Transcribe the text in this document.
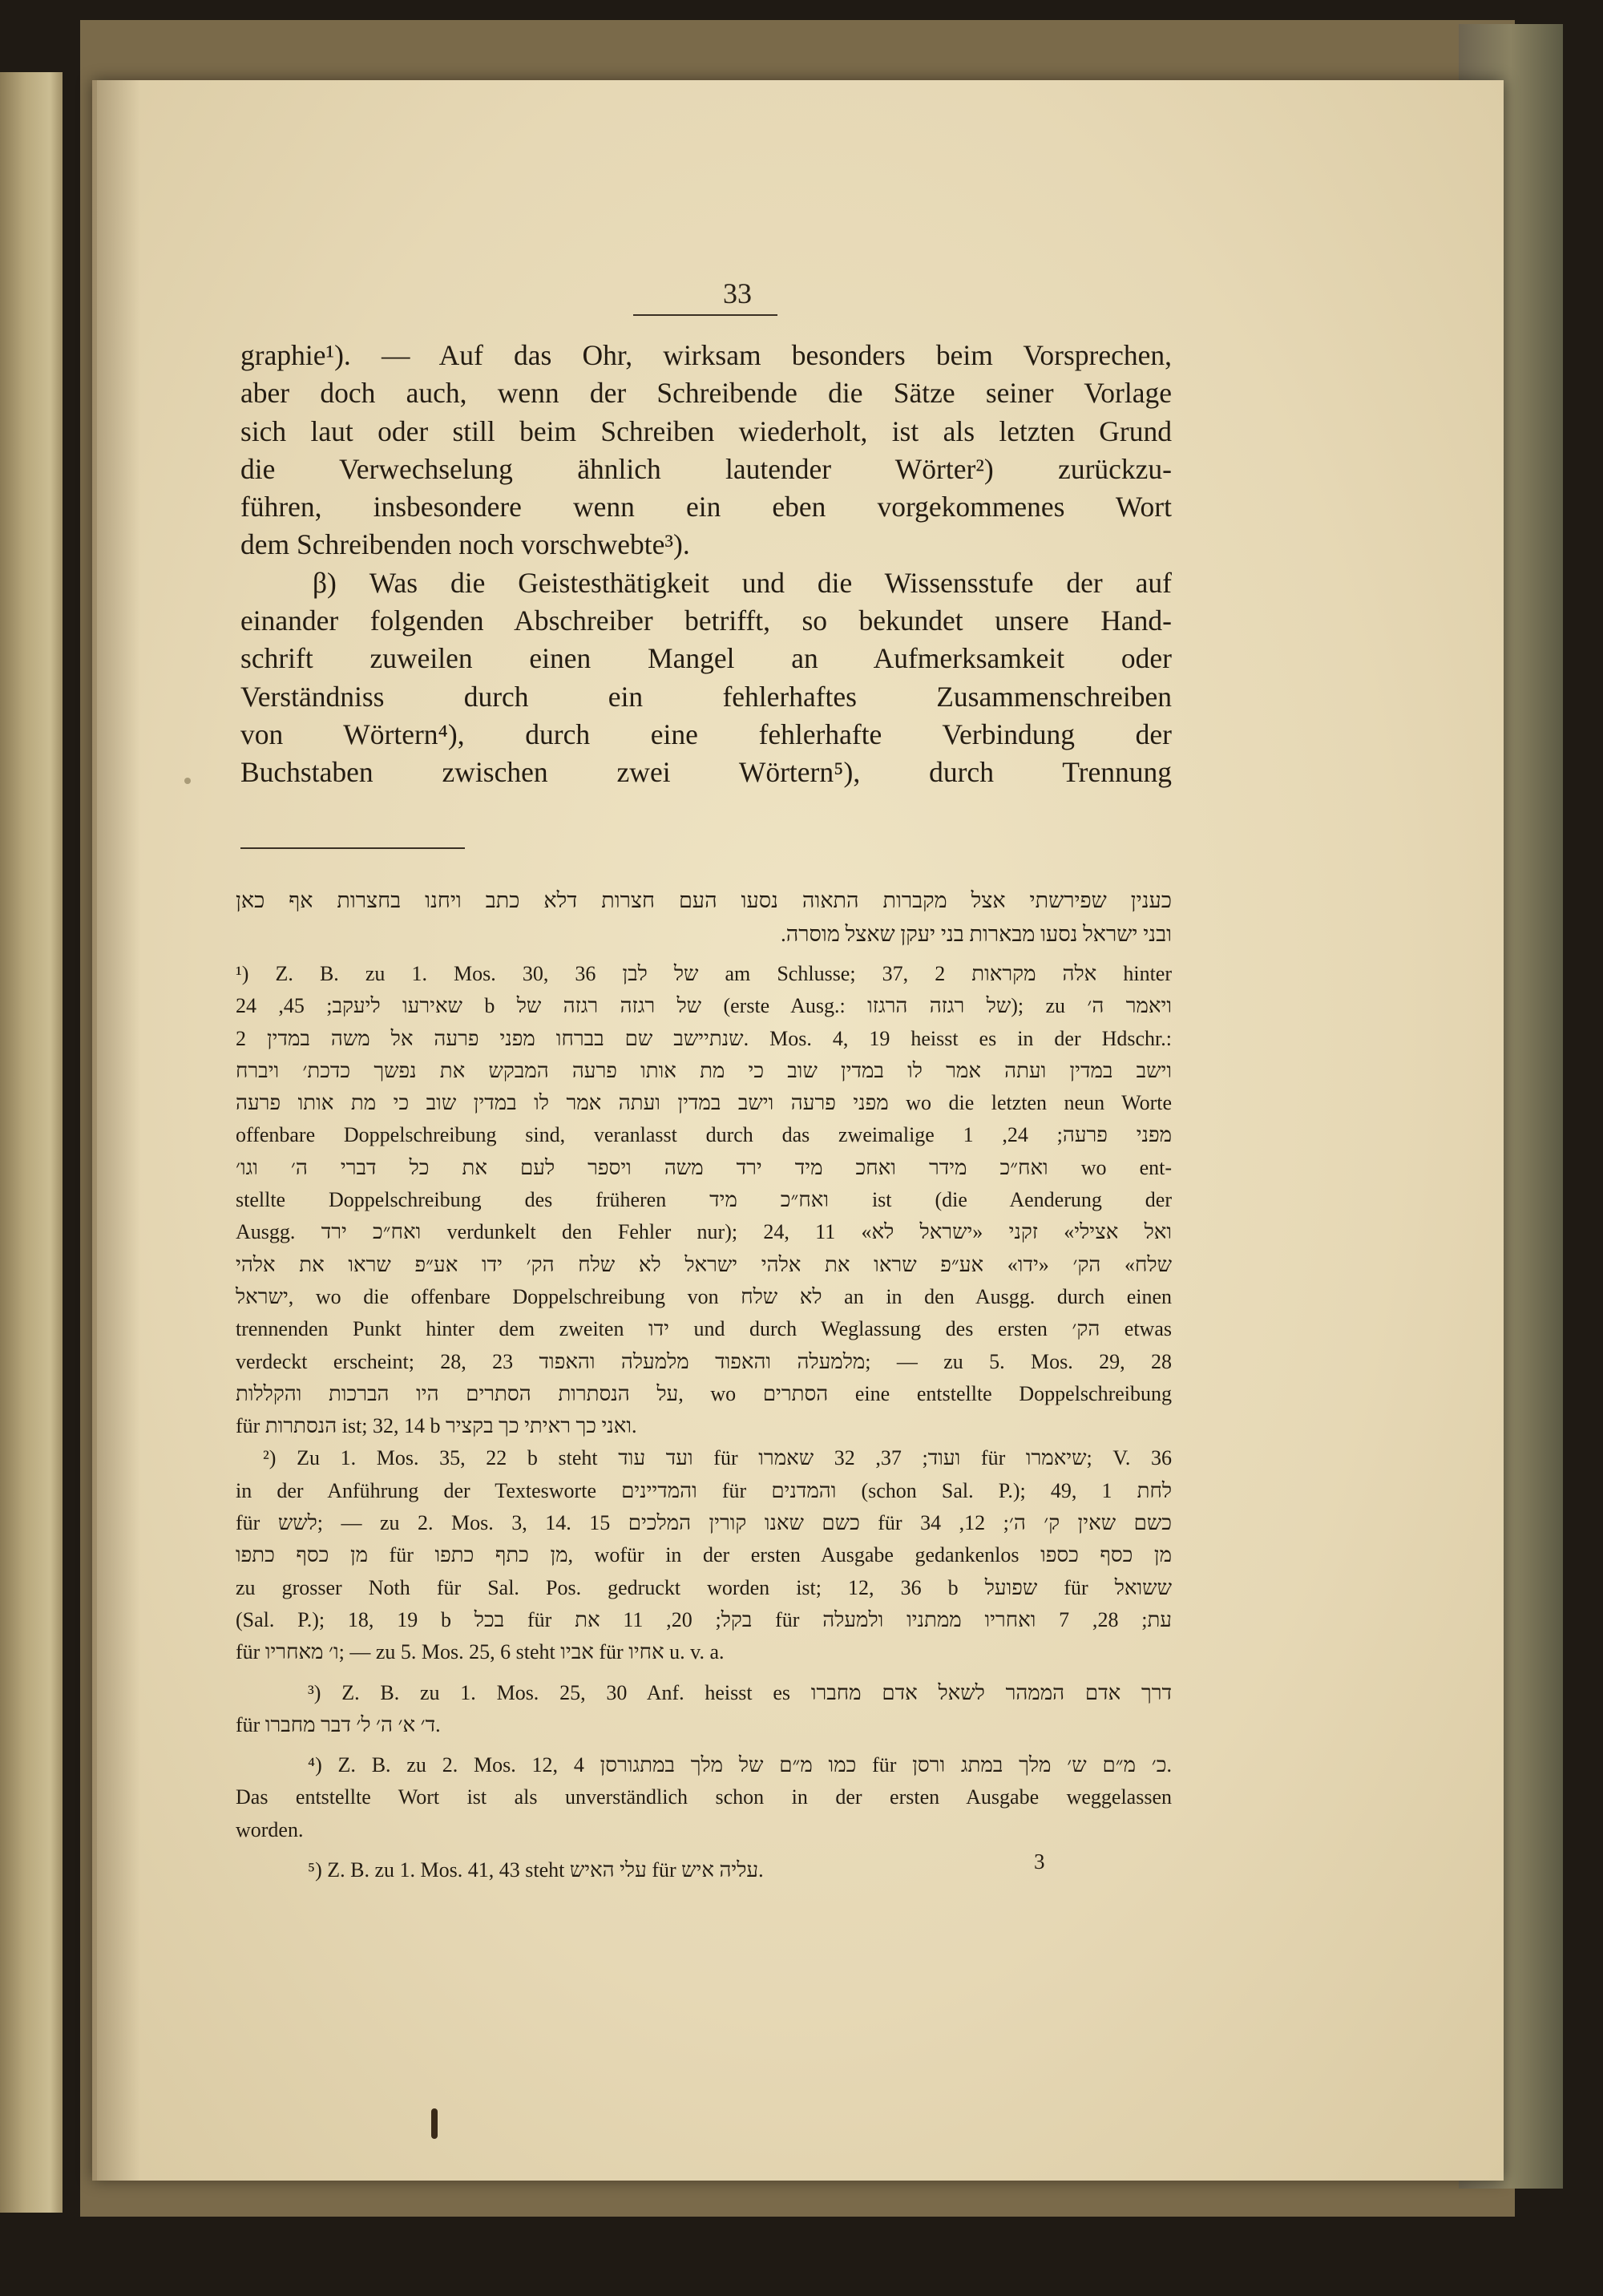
33
graphie¹). — Auf das Ohr, wirksam besonders beim Vorsprechen,
aber doch auch, wenn der Schreibende die Sätze seiner Vorlage
sich laut oder still beim Schreiben wiederholt, ist als letzten Grund
die Verwechselung ähnlich lautender Wörter²) zurückzu-
führen, insbesondere wenn ein eben vorgekommenes Wort
dem Schreibenden noch vorschwebte³).
β) Was die Geistesthätigkeit und die Wissensstufe der auf
einander folgenden Abschreiber betrifft, so bekundet unsere Hand-
schrift zuweilen einen Mangel an Aufmerksamkeit oder
Verständniss durch ein fehlerhaftes Zusammenschreiben
von Wörtern⁴), durch eine fehlerhafte Verbindung der
Buchstaben zwischen zwei Wörtern⁵), durch Trennung
כענין שפירשתי אצל מקברות התאוה נסעו העם חצרות דלא כתב ויחנו בחצרות אף כאן
ובני ישראל נסעו מבארות בני יעקן שאצל מוסרה.
¹) Z. B. zu 1. Mos. 30, 36 של לבן am Schlusse; 37, 2 אלה מקראות hinter
שאירעו ליעקב; 45, 24 b של רגזה רגזה של (erste Ausg.: של רגזה הרגזו); zu ויאמר ה׳
שנתיישב שם בברחו מפני פרעה אל משה במדין 2. Mos. 4, 19 heisst es in der Hdschr.:
וישב במדין ועתה אמר לו במדין שוב כי מת אותו פרעה המבקש את נפשך כדכת׳ ויברח
מפני פרעה וישב במדין ועתה אמר לו במדין שוב כי מת אותו פרעה wo die letzten neun Worte
offenbare Doppelschreibung sind, veranlasst durch das zweimalige מפני פרעה; 24, 1
ואח״כ מידר ואחכ מיד ירד משה ויספר לעם את כל דברי ה׳ וגו׳ wo ent-
stellte Doppelschreibung des früheren ואח״כ מיד ist (die Aenderung der
Ausgg. ואח״כ ירד verdunkelt den Fehler nur); 24, 11 «ואל אצילי» זקני «ישראל לא
שלח» הק׳ «ידו» אע״פ שראו את אלהי ישראל לא שלח הק׳ ידו אע״פ שראו את אלהי
ישראל, wo die offenbare Doppelschreibung von לא שלח an in den Ausgg. durch einen
trennenden Punkt hinter dem zweiten ידו und durch Weglassung des ersten הק׳ etwas
verdeckt erscheint; 28, 23 מלמעלה והאפוד מלמעלה והאפוד; — zu 5. Mos. 29, 28
על הנסתרות הסתרים היו הברכות והקללות, wo הסתרים eine entstellte Doppelschreibung
für הנסתרות ist; 32, 14 b ואני כך ראיתי כך בקציר.
²) Zu 1. Mos. 35, 22 b steht ועד עוד für ועוד; 37, 32 שאמרו für שיאמרו; V. 36
in der Anführung der Textesworte והמדיינים für והמדנים (schon Sal. P.); 49, 1 לחת
für לשש; — zu 2. Mos. 3, 14. 15 כשם שאנו קורין המלכים für כשם שאין ק׳ ה׳; 12, 34
מן כסף כתפו für מן כתף כתפו, wofür in der ersten Ausgabe gedankenlos מן כסף כספו
zu grosser Noth für Sal. Pos. gedruckt worden ist; 12, 36 b שפועל für ששואל
(Sal. P.); 18, 19 b בכל für בקל; 20, 11 את für עת; 28, 7 ואחריו ממתניו ולמעלה
für ו׳ מאחריו; — zu 5. Mos. 25, 6 steht אביו für אחיו u. v. a.
³) Z. B. zu 1. Mos. 25, 30 Anf. heisst es דרך אדם הממהר לשאל אדם מחברו
für ד׳ א׳ ה׳ ל׳ דבר מחברו.
⁴) Z. B. zu 2. Mos. 12, 4 כמו מ״ם של מלך במתגורסן für כ׳ מ״ם ש׳ מלך במתג ורסן.
Das entstellte Wort ist als unverständlich schon in der ersten Ausgabe weggelassen
worden.
⁵) Z. B. zu 1. Mos. 41, 43 steht עלי האיש für עליה איש.	3
